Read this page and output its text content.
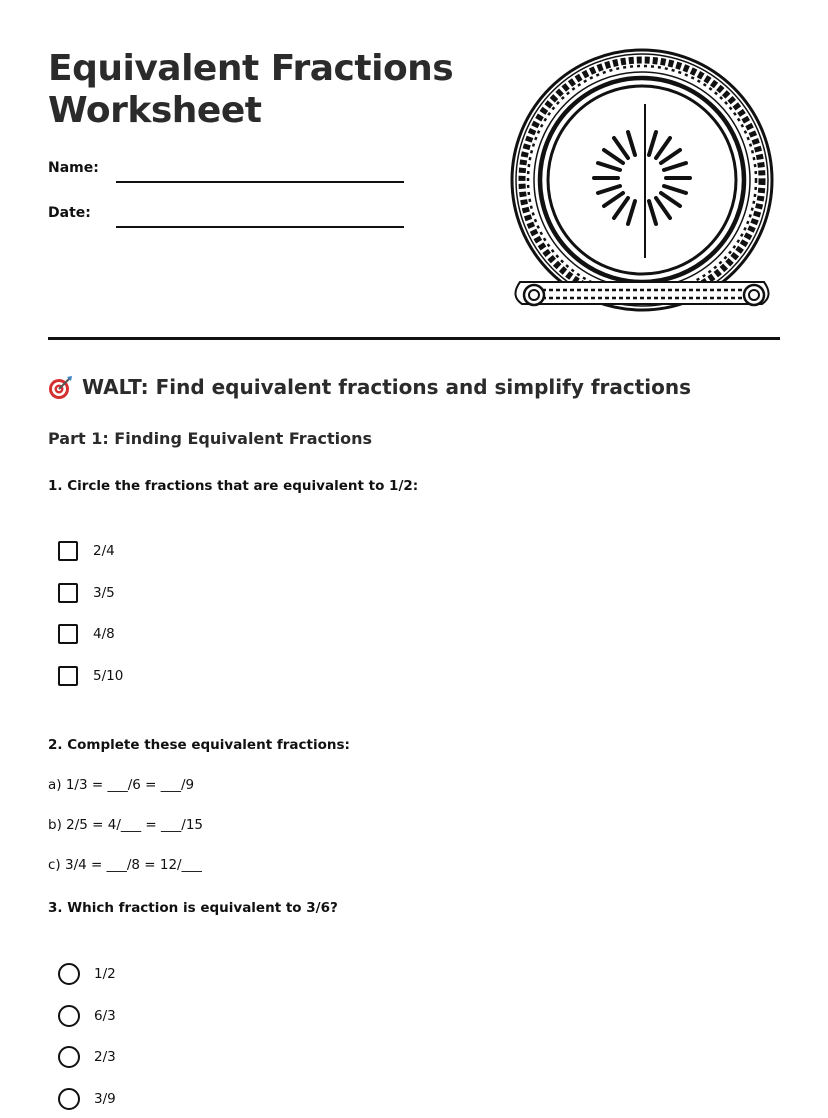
Equivalent Fractions
Worksheet
Name:
Date:
WALT: Find equivalent fractions and simplify fractions
Part 1: Finding Equivalent Fractions
1. Circle the fractions that are equivalent to 1/2:
2/4
3/5
4/8
5/10
2. Complete these equivalent fractions:
a) 1/3 = ___/6 = ___/9
b) 2/5 = 4/___ = ___/15
c) 3/4 = ___/8 = 12/___
3. Which fraction is equivalent to 3/6?
1/2
6/3
2/3
3/9
